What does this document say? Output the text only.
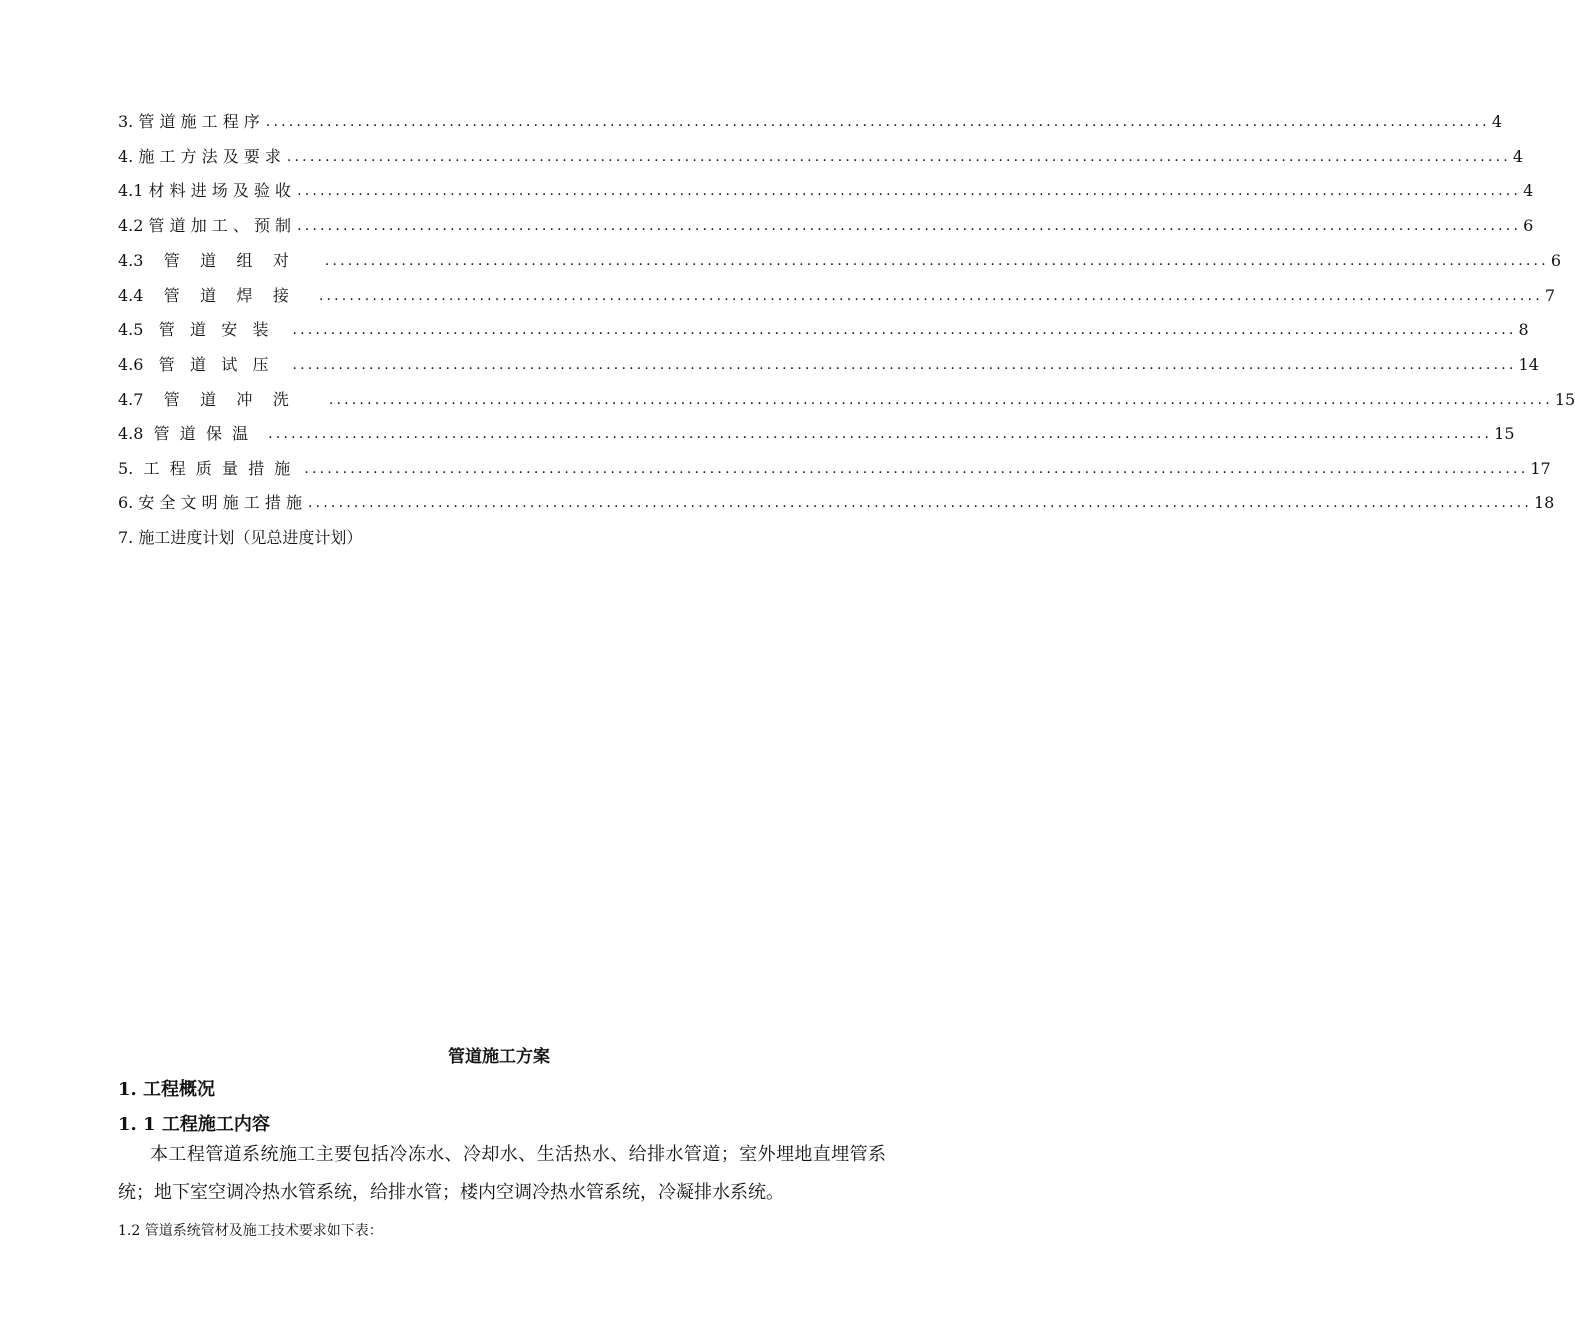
3. 管 道 施 工 程 序 ................................................................................................................................................................ 4
4. 施 工 方 法 及 要 求 ................................................................................................................................................................ 4
4.1 材 料 进 场 及 验 收 ................................................................................................................................................................ 4
4.2 管 道 加 工 、 预 制 ................................................................................................................................................................ 6
4.3    管    道    组    对	................................................................................................................................................................ 6
4.4    管    道    焊    接 ................................................................................................................................................................ 7
4.5   管   道   安   装 ................................................................................................................................................................ 8
4.6   管   道   试   压 ................................................................................................................................................................ 14
4.7    管    道    冲    洗	................................................................................................................................................................ 15
4.8  管  道  保  温 ................................................................................................................................................................ 15
5.  工  程  质  量  措  施 ................................................................................................................................................................ 17
6. 安 全 文 明 施 工 措 施 ................................................................................................................................................................ 18
7. 施工进度计划（见总进度计划）
管道施工方案
1. 工程概况
1. 1 工程施工内容
本工程管道系统施工主要包括冷冻水、冷却水、生活热水、给排水管道；室外埋地直埋管系统；地下室空调冷热水管系统，给排水管；楼内空调冷热水管系统，冷凝排水系统。
1.2 管道系统管材及施工技术要求如下表：
